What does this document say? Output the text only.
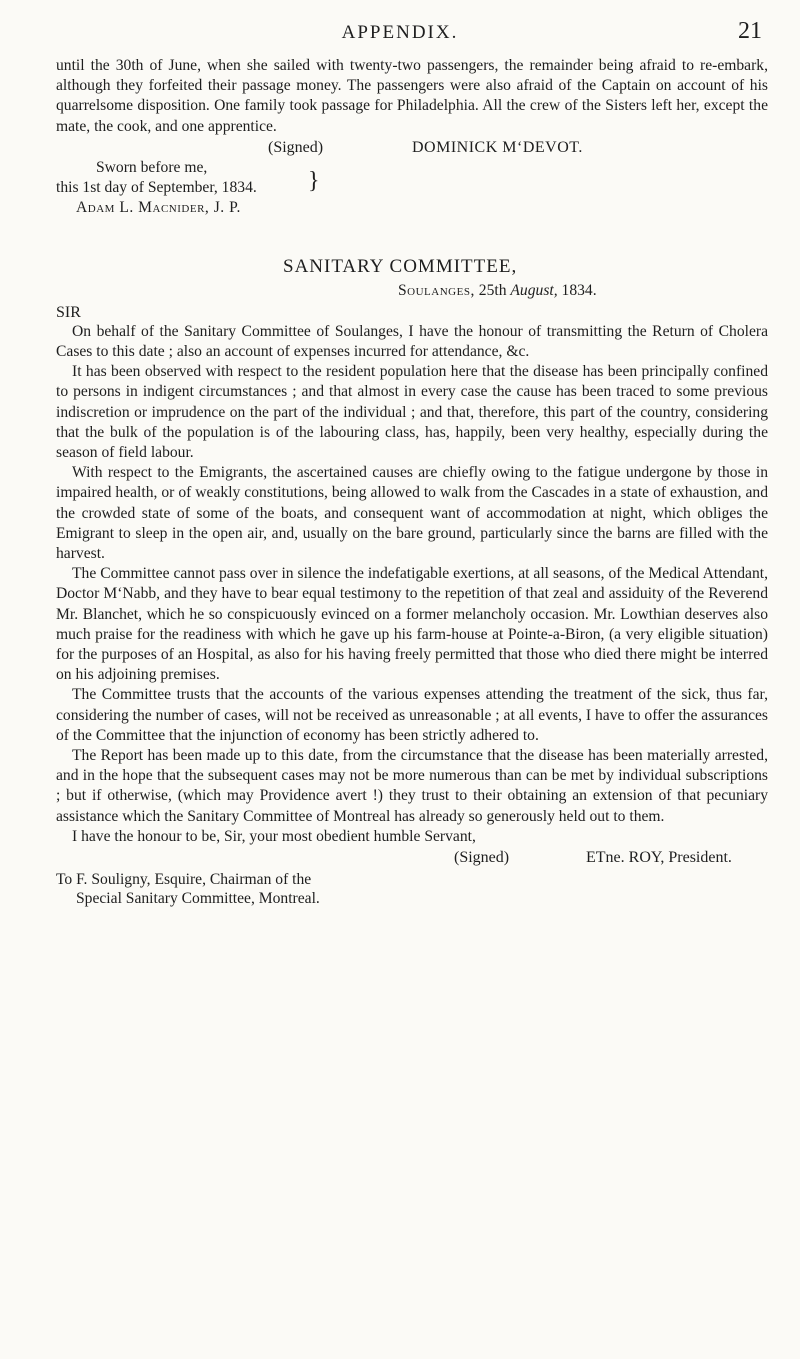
APPENDIX.	21

until the 30th of June, when she sailed with twenty-two passengers, the remainder being afraid to re-embark, although they forfeited their passage money. The passengers were also afraid of the Captain on account of his quarrelsome disposition. One family took passage for Philadelphia. All the crew of the Sisters left her, except the mate, the cook, and one apprentice.

(Signed)	DOMINICK M‘DEVOT.
Sworn before me,
this 1st day of September, 1834.	}
Adam L. Macnider, J. P.
SANITARY COMMITTEE,
Soulanges, 25th August, 1834.
SIR

On behalf of the Sanitary Committee of Soulanges, I have the honour of transmitting the Return of Cholera Cases to this date ; also an account of expenses incurred for attendance, &c.

It has been observed with respect to the resident population here that the disease has been principally confined to persons in indigent circumstances ; and that almost in every case the cause has been traced to some previous indiscretion or imprudence on the part of the individual ; and that, therefore, this part of the country, considering that the bulk of the population is of the labouring class, has, happily, been very healthy, especially during the season of field labour.

With respect to the Emigrants, the ascertained causes are chiefly owing to the fatigue undergone by those in impaired health, or of weakly constitutions, being allowed to walk from the Cascades in a state of exhaustion, and the crowded state of some of the boats, and consequent want of accommodation at night, which obliges the Emigrant to sleep in the open air, and, usually on the bare ground, particularly since the barns are filled with the harvest.

The Committee cannot pass over in silence the indefatigable exertions, at all seasons, of the Medical Attendant, Doctor M‘Nabb, and they have to bear equal testimony to the repetition of that zeal and assiduity of the Reverend Mr. Blanchet, which he so conspicuously evinced on a former melancholy occasion. Mr. Lowthian deserves also much praise for the readiness with which he gave up his farm-house at Pointe-a-Biron, (a very eligible situation) for the purposes of an Hospital, as also for his having freely permitted that those who died there might be interred on his adjoining premises.

The Committee trusts that the accounts of the various expenses attending the treatment of the sick, thus far, considering the number of cases, will not be received as unreasonable ; at all events, I have to offer the assurances of the Committee that the injunction of economy has been strictly adhered to.

The Report has been made up to this date, from the circumstance that the disease has been materially arrested, and in the hope that the subsequent cases may not be more numerous than can be met by individual subscriptions ; but if otherwise, (which may Providence avert !) they trust to their obtaining an extension of that pecuniary assistance which the Sanitary Committee of Montreal has already so generously held out to them.

I have the honour to be, Sir, your most obedient humble Servant,

(Signed)	ETne. ROY, President.
To F. Souligny, Esquire, Chairman of the
Special Sanitary Committee, Montreal.
